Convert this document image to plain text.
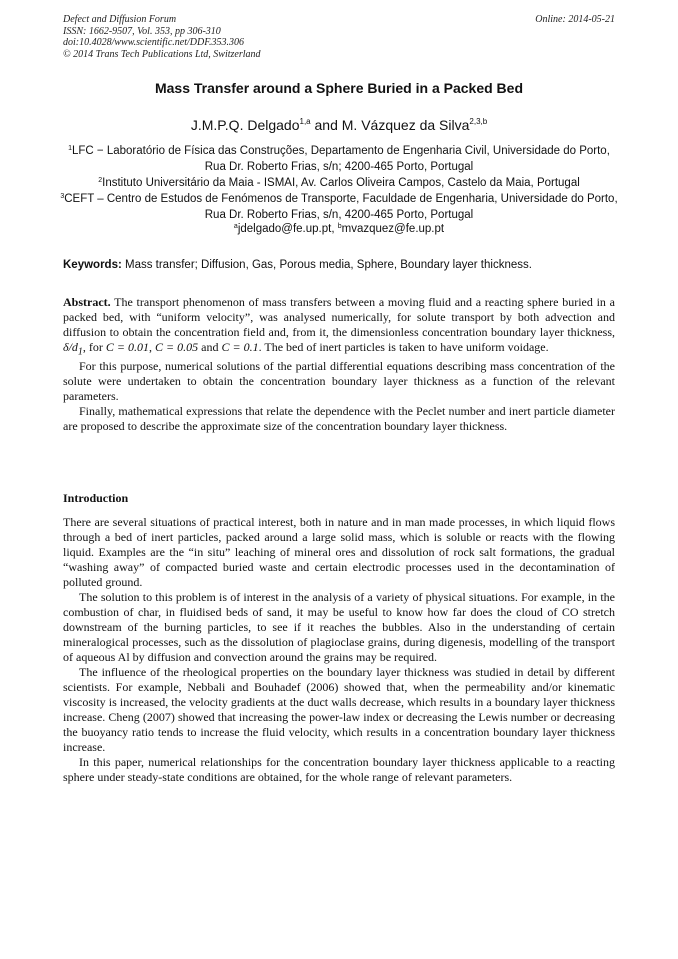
Defect and Diffusion Forum
ISSN: 1662-9507, Vol. 353, pp 306-310
doi:10.4028/www.scientific.net/DDF.353.306
© 2014 Trans Tech Publications Ltd, Switzerland
Online: 2014-05-21
Mass Transfer around a Sphere Buried in a Packed Bed
J.M.P.Q. Delgado$^{1,a}$ and M. Vázquez da Silva$^{2,3,b}$
$^1$LFC − Laboratório de Física das Construções, Departamento de Engenharia Civil, Universidade do Porto, Rua Dr. Roberto Frias, s/n; 4200-465 Porto, Portugal
$^2$Instituto Universitário da Maia - ISMAI, Av. Carlos Oliveira Campos, Castelo da Maia, Portugal
$^3$CEFT – Centro de Estudos de Fenómenos de Transporte, Faculdade de Engenharia, Universidade do Porto, Rua Dr. Roberto Frias, s/n, 4200-465 Porto, Portugal
$^a$jdelgado@fe.up.pt, $^b$mvazquez@fe.up.pt
Keywords: Mass transfer; Diffusion, Gas, Porous media, Sphere, Boundary layer thickness.

Abstract. The transport phenomenon of mass transfers between a moving fluid and a reacting sphere buried in a packed bed, with “uniform velocity”, was analysed numerically, for solute transport by both advection and diffusion to obtain the concentration field and, from it, the dimensionless concentration boundary layer thickness, $\delta/d_1$, for C = 0.01, C = 0.05 and C = 0.1. The bed of inert particles is taken to have uniform voidage.

For this purpose, numerical solutions of the partial differential equations describing mass concentration of the solute were undertaken to obtain the concentration boundary layer thickness as a function of the relevant parameters.

Finally, mathematical expressions that relate the dependence with the Peclet number and inert particle diameter are proposed to describe the approximate size of the concentration boundary layer thickness.

Introduction

There are several situations of practical interest, both in nature and in man made processes, in which liquid flows through a bed of inert particles, packed around a large solid mass, which is soluble or reacts with the flowing liquid. Examples are the “in situ” leaching of mineral ores and dissolution of rock salt formations, the gradual “washing away” of compacted buried waste and certain electrodic processes used in the decontamination of polluted ground.

The solution to this problem is of interest in the analysis of a variety of physical situations. For example, in the combustion of char, in fluidised beds of sand, it may be useful to know how far does the cloud of CO stretch downstream of the burning particles, to see if it reaches the bubbles. Also in the understanding of certain mineralogical processes, such as the dissolution of plagioclase grains, during digenesis, modelling of the transport of aqueous Al by diffusion and convection around the grains may be required.

The influence of the rheological properties on the boundary layer thickness was studied in detail by different scientists. For example, Nebbali and Bouhadef (2006) showed that, when the permeability and/or kinematic viscosity is increased, the velocity gradients at the duct walls decrease, which results in a boundary layer thickness increase. Cheng (2007) showed that increasing the power-law index or decreasing the Lewis number or decreasing the buoyancy ratio tends to increase the fluid velocity, which results in a concentration boundary layer thickness increase.

In this paper, numerical relationships for the concentration boundary layer thickness applicable to a reacting sphere under steady-state conditions are obtained, for the whole range of relevant parameters.
